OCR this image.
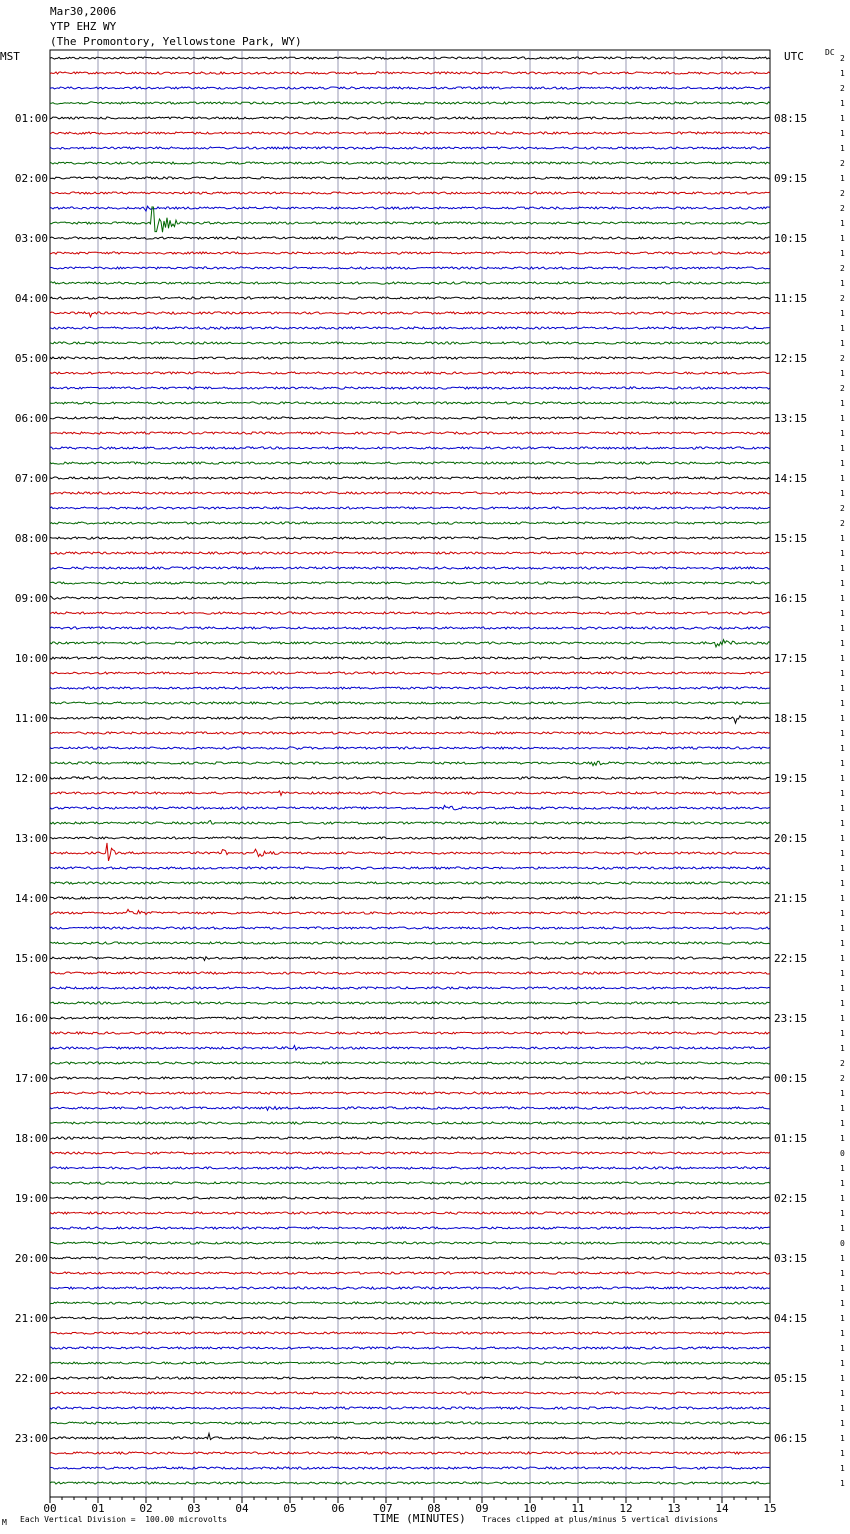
Mar30,2006
YTP EHZ WY
(The Promontory, Yellowstone Park, WY)
MST	UTC	DC
2
1
2
1
1
1
1
2
1
2
2
1
1
1
2
1
2
1
1
1
2
1
2
1
1
1
1
1
1
1
2
2
1
1
1
1
1
1
1
1
1
1
1
1
1
1
1
1
1
1
1
1
1
1
1
1
1
1
1
1
1
1
1
1
1
1
1
2
2
1
1
1
1
0
1
1
1
1
1
0
1
1
1
1
1
1
1
1
1
1
1
1
1
1
1
1
01:00
02:00
03:00
04:00
05:00
06:00
07:00
08:00
09:00
10:00
11:00
12:00
13:00
14:00
15:00
16:00
17:00
18:00
19:00
20:00
21:00
22:00
23:00
08:15
09:15
10:15
11:15
12:15
13:15
14:15
15:15
16:15
17:15
18:15
19:15
20:15
21:15
22:15
23:15
00:15
01:15
02:15
03:15
04:15
05:15
06:15
00	01	02	03	04	05	06	07	08	09	10	11	12	13	14	15
TIME (MINUTES)
M Each Vertical Division =  100.00 microvolts	Traces clipped at plus/minus 5 vertical divisions
